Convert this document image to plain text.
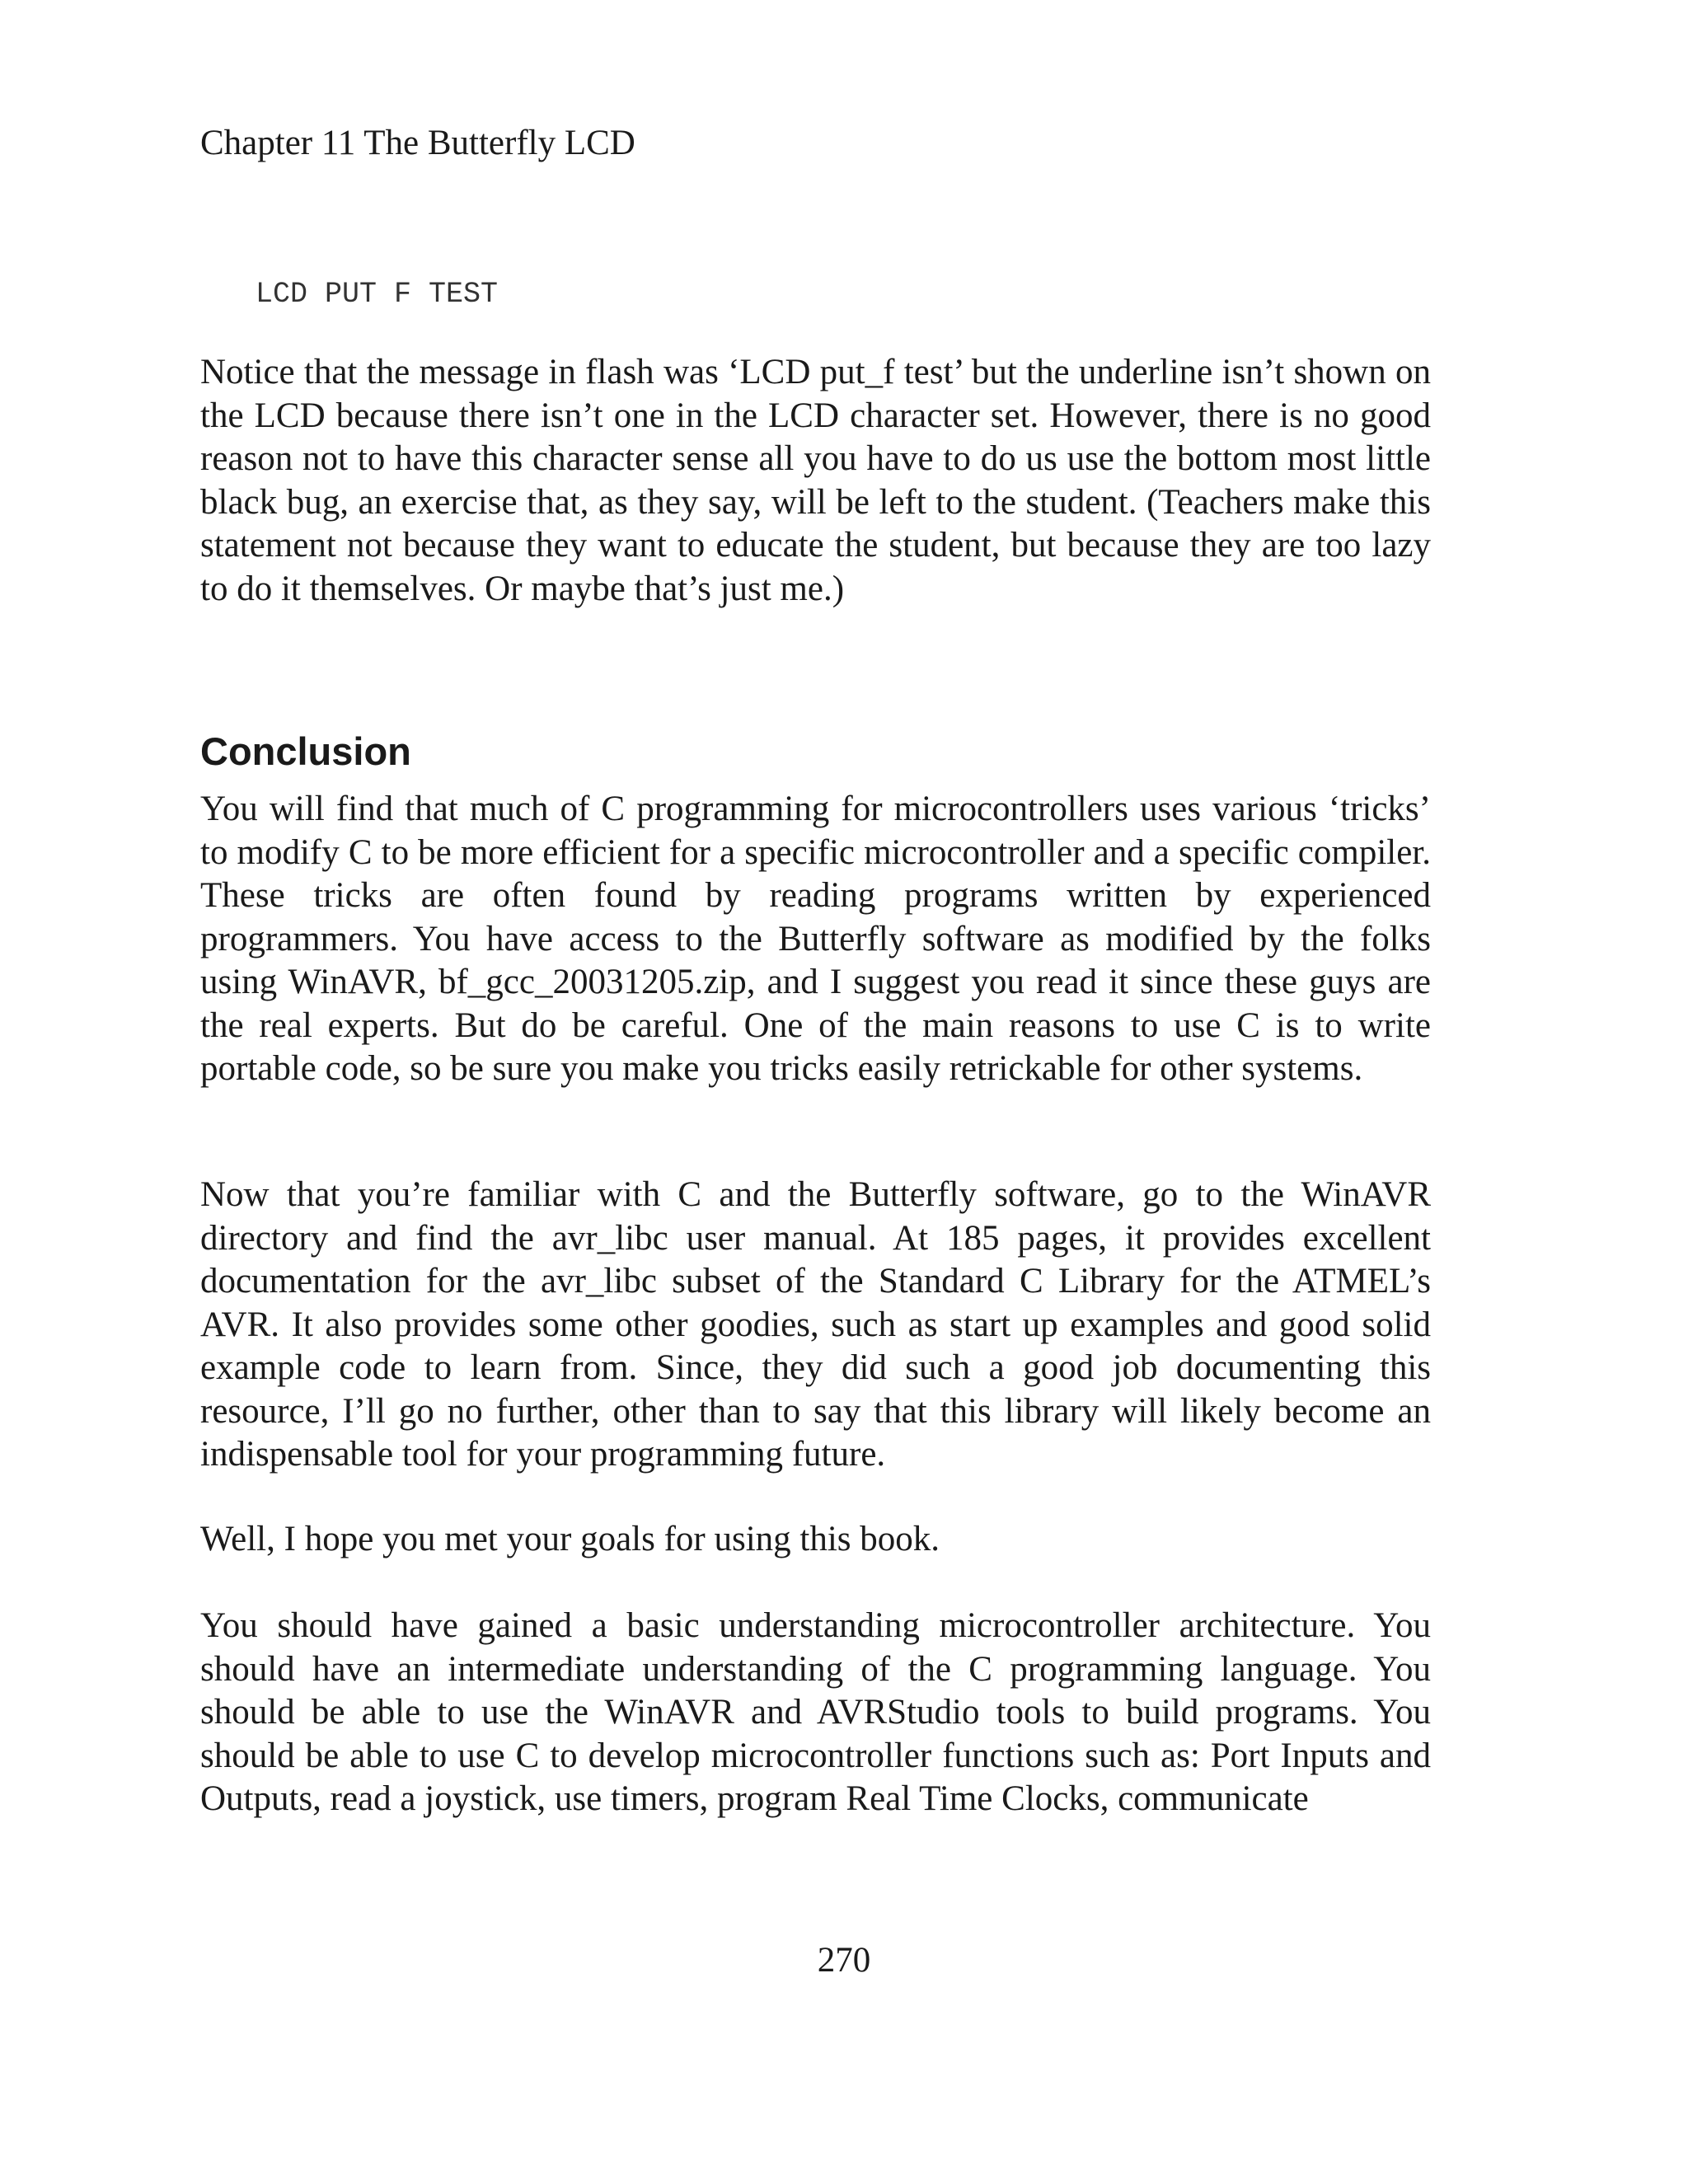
Chapter 11 The Butterfly LCD

LCD PUT F TEST

Notice that the message in flash was ‘LCD put_f test’ but the underline isn’t shown on the LCD because there isn’t one in the LCD character set. However, there is no good reason not to have this character sense all you have to do us use the bottom most little black bug, an exercise that, as they say, will be left to the student. (Teachers make this statement not because they want to educate the student, but because they are too lazy to do it themselves. Or maybe that’s just me.)

Conclusion

You will find that much of C programming for microcontrollers uses various ‘tricks’ to modify C to be more efficient for a specific microcontroller and a specific compiler. These tricks are often found by reading programs written by experienced programmers. You have access to the Butterfly software as modified by the folks using WinAVR, bf_gcc_20031205.zip, and I suggest you read it since these guys are the real experts. But do be careful. One of the main reasons to use C is to write portable code, so be sure you make you tricks easily retrickable for other systems.

Now that you’re familiar with C and the Butterfly software, go to the WinAVR directory and find the avr_libc user manual. At 185 pages, it provides excellent documentation for the avr_libc subset of the Standard C Library for the ATMEL’s AVR. It also provides some other goodies, such as start up examples and good solid example code to learn from. Since, they did such a good job documenting this resource, I’ll go no further, other than to say that this library will likely become an indispensable tool for your programming future.

Well, I hope you met your goals for using this book.

You should have gained a basic understanding microcontroller architecture. You should have an intermediate understanding of the C programming language. You should be able to use the WinAVR and AVRStudio tools to build programs. You should be able to use C to develop microcontroller functions such as: Port Inputs and Outputs, read a joystick, use timers, program Real Time Clocks, communicate

270
